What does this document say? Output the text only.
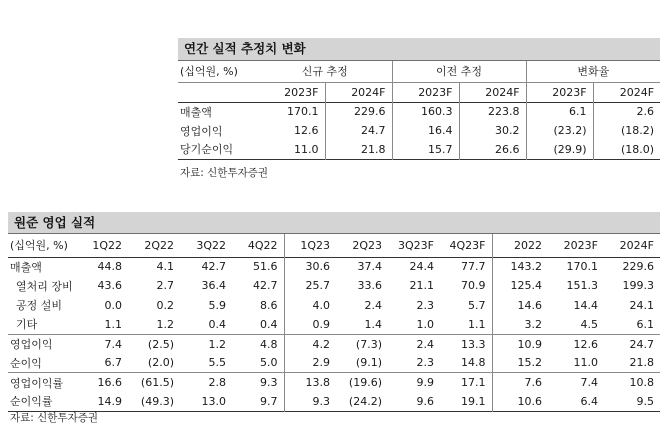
연간 실적 추정치 변화
(십억원, %)	신규 추정		이전 추정		변화율	
	2023F	2024F	2023F	2024F	2023F	2024F
매출액	170.1	229.6	160.3	223.8	6.1	2.6
영업이익	12.6	24.7	16.4	30.2	(23.2)	(18.2)
당기순이익	11.0	21.8	15.7	26.6	(29.9)	(18.0)
자료: 신한투자증권
원준 영업 실적
(십억원, %)	1Q22	2Q22	3Q22	4Q22	1Q23	2Q23	3Q23F	4Q23F	2022	2023F	2024F
매출액	44.8	4.1	42.7	51.6	30.6	37.4	24.4	77.7	143.2	170.1	229.6
열처리 장비	43.6	2.7	36.4	42.7	25.7	33.6	21.1	70.9	125.4	151.3	199.3
공정 설비	0.0	0.2	5.9	8.6	4.0	2.4	2.3	5.7	14.6	14.4	24.1
기타	1.1	1.2	0.4	0.4	0.9	1.4	1.0	1.1	3.2	4.5	6.1
영업이익	7.4	(2.5)	1.2	4.8	4.2	(7.3)	2.4	13.3	10.9	12.6	24.7
순이익	6.7	(2.0)	5.5	5.0	2.9	(9.1)	2.3	14.8	15.2	11.0	21.8
영업이익률	16.6	(61.5)	2.8	9.3	13.8	(19.6)	9.9	17.1	7.6	7.4	10.8
순이익률	14.9	(49.3)	13.0	9.7	9.3	(24.2)	9.6	19.1	10.6	6.4	9.5
자료: 신한투자증권
